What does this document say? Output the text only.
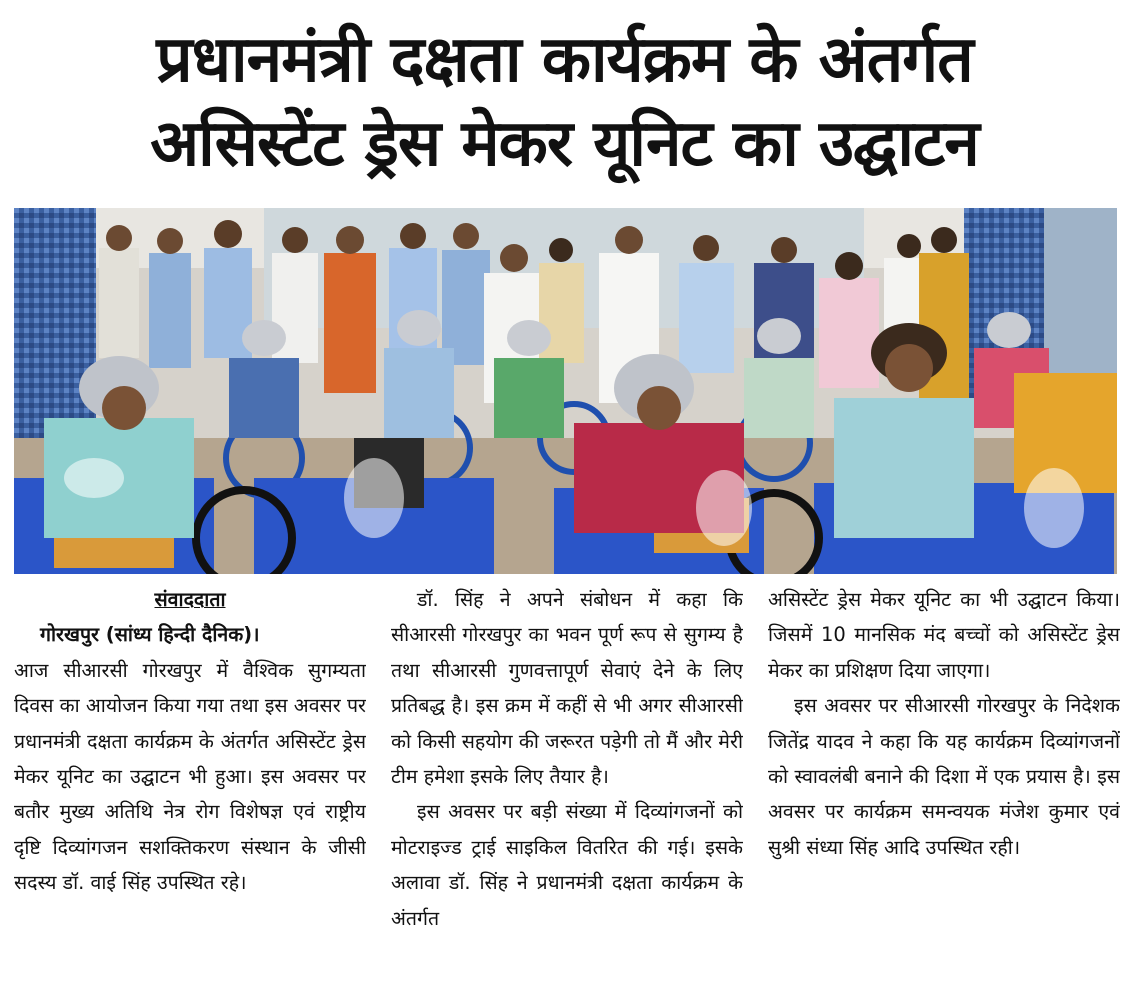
प्रधानमंत्री दक्षता कार्यक्रम के अंतर्गत
असिस्टेंट ड्रेस मेकर यूनिट का उद्घाटन

संवाददाता

गोरखपुर (सांध्य हिन्दी दैनिक)।

आज सीआरसी गोरखपुर में वैश्विक सुगम्यता दिवस का आयोजन किया गया तथा इस अवसर पर प्रधानमंत्री दक्षता कार्यक्रम के अंतर्गत असिस्टेंट ड्रेस मेकर यूनिट का उद्घाटन भी हुआ। इस अवसर पर बतौर मुख्य अतिथि नेत्र रोग विशेषज्ञ एवं राष्ट्रीय दृष्टि दिव्यांगजन सशक्तिकरण संस्थान के जीसी सदस्य डॉ. वाई सिंह उपस्थित रहे।

डॉ. सिंह ने अपने संबोधन में कहा कि सीआरसी गोरखपुर का भवन पूर्ण रूप से सुगम्य है तथा सीआरसी गुणवत्तापूर्ण सेवाएं देने के लिए प्रतिबद्ध है। इस क्रम में कहीं से भी अगर सीआरसी को किसी सहयोग की जरूरत पड़ेगी तो मैं और मेरी टीम हमेशा इसके लिए तैयार है।

इस अवसर पर बड़ी संख्या में दिव्यांगजनों को मोटराइज्ड ट्राई साइकिल वितरित की गई। इसके अलावा डॉ. सिंह ने प्रधानमंत्री दक्षता कार्यक्रम के अंतर्गत

असिस्टेंट ड्रेस मेकर यूनिट का भी उद्घाटन किया। जिसमें 10 मानसिक मंद बच्चों को असिस्टेंट ड्रेस मेकर का प्रशिक्षण दिया जाएगा।

इस अवसर पर सीआरसी गोरखपुर के निदेशक जितेंद्र यादव ने कहा कि यह कार्यक्रम दिव्यांगजनों को स्वावलंबी बनाने की दिशा में एक प्रयास है। इस अवसर पर कार्यक्रम समन्वयक मंजेश कुमार एवं सुश्री संध्या सिंह आदि उपस्थित रही।
